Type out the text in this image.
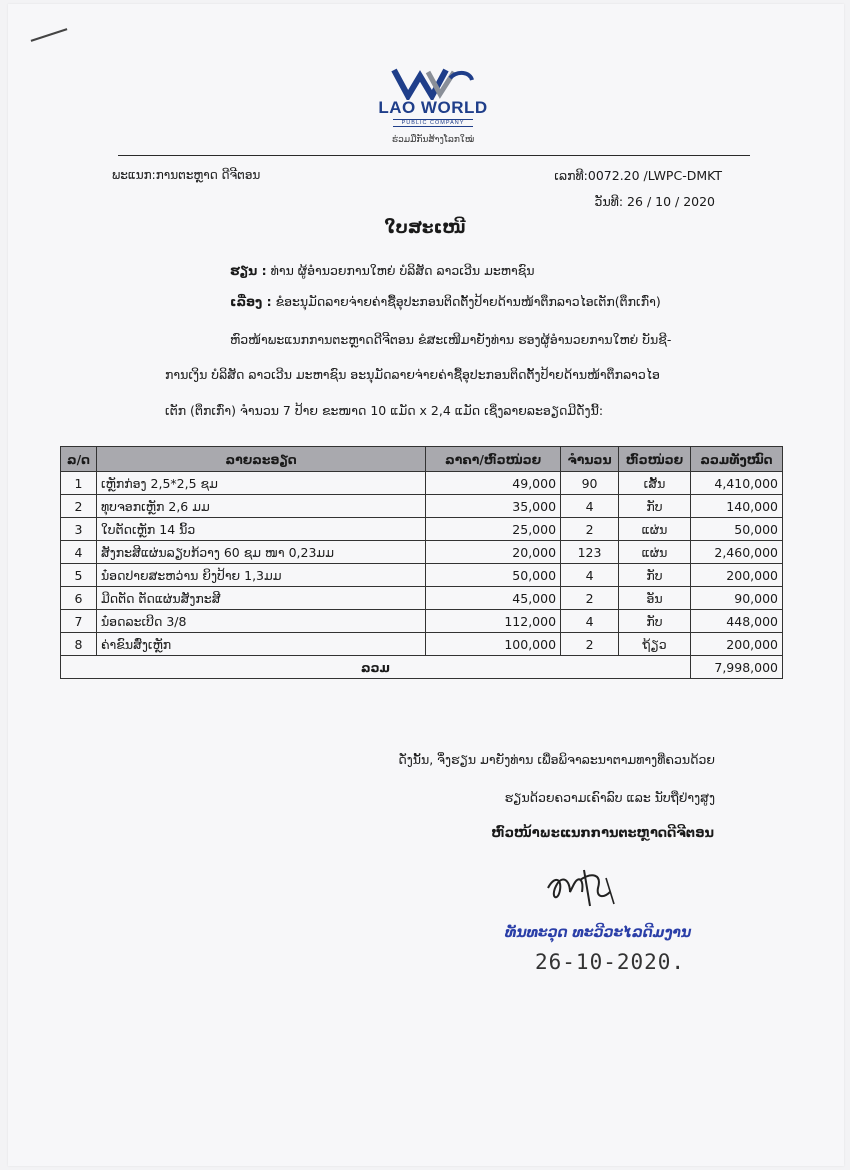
LAO WORLD
PUBLIC COMPANY
ຮ່ວມມືກັນສ້າງໂລກໃໝ່
ພະແນກ:ການຕະຫຼາດ ດີຈີຕອນ	ເລກທີ:0072.20 /LWPC-DMKT
ວັນທີ: 26 / 10 / 2020
ໃບສະເໜີ
ຮຽນ : ທ່ານ ຜູ້ອຳນວຍການໃຫຍ່ ບໍລິສັດ ລາວເວີນ ມະຫາຊົນ
ເລື່ອງ : ຂໍອະນຸມັດລາຍຈ່າຍຄ່າຊື້ອຸປະກອນຕິດຕັ້ງປ້າຍດ້ານໜ້າຕຶກລາວໄອເຕັກ(ຕຶກເກົ່າ)
ຫົວໜ້າພະແນກການຕະຫຼາດດີຈີຕອນ ຂໍສະເໜີມາຍັງທ່ານ ຮອງຜູ້ອຳນວຍການໃຫຍ່ ບັນຊີ-
ການເງິນ ບໍລິສັດ ລາວເວີນ ມະຫາຊົນ ອະນຸມັດລາຍຈ່າຍຄ່າຊື້ອຸປະກອນຕິດຕັ້ງປ້າຍດ້ານໜ້າຕຶກລາວໄອ
ເຕັກ (ຕຶກເກົ່າ) ຈຳນວນ 7 ປ້າຍ ຂະໜາດ 10 ແມັດ x 2,4 ແມັດ ເຊິ່ງລາຍລະອຽດມີດັ່ງນີ້:
ລ/ດ	ລາຍລະອຽດ	ລາຄາ/ຫົວໜ່ວຍ	ຈຳນວນ	ຫົວໜ່ວຍ	ລວມທັງໝົດ
1	ເຫຼັກກ່ອງ 2,5*2,5 ຊມ	49,000	90	ເສັ້ນ	4,410,000
2	ທຸບຈອກເຫຼັກ 2,6 ມມ	35,000	4	ກັບ	140,000
3	ໃບຕັດເຫຼັກ 14 ນິ້ວ	25,000	2	ແຜ່ນ	50,000
4	ສັງກະສີແຜ່ນລຽບກ້ວາງ 60 ຊມ ໜາ 0,23ມມ	20,000	123	ແຜ່ນ	2,460,000
5	ນ໋ອດປາຍສະຫວ່ານ ຍິງປ້າຍ 1,3ມມ	50,000	4	ກັບ	200,000
6	ມີດຕັດ ຕັດແຜ່ນສັງກະສີ	45,000	2	ອັນ	90,000
7	ນ໋ອດລະເບີດ 3/8	112,000	4	ກັບ	448,000
8	ຄ່າຂົນສົ່ງເຫຼັກ	100,000	2	ຖ້ຽວ	200,000
ລວມ					7,998,000
ດັ່ງນັ້ນ, ຈຶ່ງຮຽນ ມາຍັງທ່ານ ເພື່ອພິຈາລະນາຕາມທາງທີ່ຄວນດ້ວຍ
ຮຽນດ້ວຍຄວາມເຄົາລົບ ແລະ ນັບຖືຢ່າງສູງ
ຫົວໜ້າພະແນກການຕະຫຼາດດີຈີຕອນ
ທັນທະວຸດ ທະວີວະໄລດີມງານ
26-10-2020.
